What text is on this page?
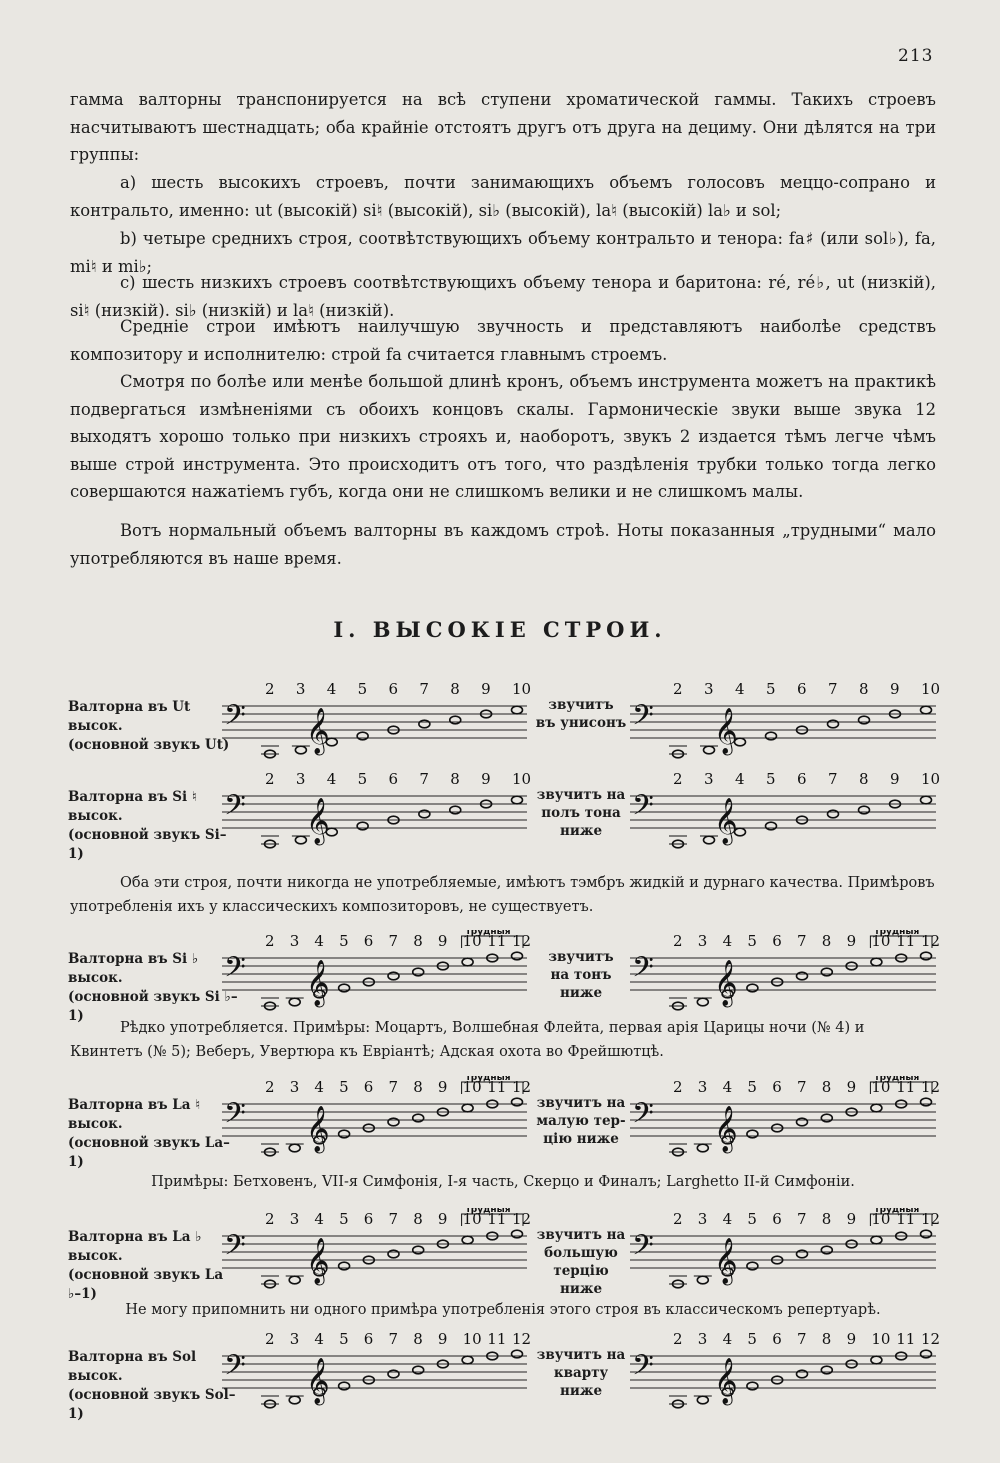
213
гамма валторны транспонируется на всѣ ступени хроматической гаммы. Такихъ строевъ насчитываютъ шестнадцать; оба крайніе отстоятъ другъ отъ друга на дециму. Они дѣлятся на три группы:
a) шесть высокихъ строевъ, почти занимающихъ объемъ голосовъ меццо-сопрано и контральто, именно: ut (высокій) si♮ (высокій), si♭ (высокій), la♮ (высокій) la♭ и sol;
b) четыре среднихъ строя, соотвѣтствующихъ объему контральто и тенора: fa♯ (или sol♭), fa, mi♮ и mi♭;
c) шесть низкихъ строевъ соотвѣтствующихъ объему тенора и баритона: ré, ré♭, ut (низкій), si♮ (низкій). si♭ (низкій) и la♮ (низкій).
Средніе строи имѣютъ наилучшую звучность и представляютъ наиболѣе средствъ композитору и исполнителю: строй fa считается главнымъ строемъ.
Смотря по болѣе или менѣе большой длинѣ кронъ, объемъ инструмента можетъ на практикѣ подвергаться измѣненіями съ обоихъ концовъ скалы. Гармоническіе звуки выше звука 12 выходятъ хорошо только при низкихъ строяхъ и, наоборотъ, звукъ 2 издается тѣмъ легче чѣмъ выше строй инструмента. Это происходитъ отъ того, что раздѣленія трубки только тогда легко совершаются нажатіемъ губъ, когда они не слишкомъ велики и не слишкомъ малы.
Вотъ нормальный объемъ валторны въ каждомъ строѣ. Ноты показанныя „трудными“ мало употребляются въ наше время.
I. ВЫСОКІЕ СТРОИ.
Валторна въ Ut
высок.
(основной звукъ Ut)
звучитъ
въ унисонъ
𝄢 𝄞
2 3 4 5 6 7 8 9 10
𝄢 𝄞
2 3 4 5 6 7 8 9 10
Валторна въ Si ♮
высок.
(основной звукъ Si–1)
звучитъ на
полъ тона
ниже
𝄢 𝄞
2 3 4 5 6 7 8 9 10
𝄢 𝄞
2 3 4 5 6 7 8 9 10
Валторна въ Si ♭
высок.
(основной звукъ Si ♭–1)
звучитъ
на тонъ
ниже
𝄢 𝄞
2 3 4 5 6 7 8 9 10 11 12
трудныя
𝄢 𝄞
2 3 4 5 6 7 8 9 10 11 12
трудныя
Валторна въ La ♮
высок.
(основной звукъ La–1)
звучитъ на
малую тер-
цію ниже
𝄢 𝄞
2 3 4 5 6 7 8 9 10 11 12
трудныя
𝄢 𝄞
2 3 4 5 6 7 8 9 10 11 12
трудныя
Валторна въ La ♭
высок.
(основной звукъ La ♭–1)
звучитъ на
большую
терцію ниже
𝄢 𝄞
2 3 4 5 6 7 8 9 10 11 12
трудныя
𝄢 𝄞
2 3 4 5 6 7 8 9 10 11 12
трудныя
Валторна въ Sol
высок.
(основной звукъ Sol–1)
звучитъ на
кварту
ниже
𝄢 𝄞
2 3 4 5 6 7 8 9 10 11 12
𝄢 𝄞
2 3 4 5 6 7 8 9 10 11 12
Оба эти строя, почти никогда не употребляемые, имѣютъ тэмбръ жидкій и дурнаго качества. Примѣровъ употребленія ихъ у классическихъ композиторовъ, не существуетъ.
Рѣдко употребляется. Примѣры: Моцартъ, Волшебная Флейта, первая арія Царицы ночи (№ 4) и Квинтетъ (№ 5); Веберъ, Увертюра къ Евріантѣ; Адская охота во Фрейшютцѣ.
Примѣры: Бетховенъ, VII-я Симфонія, I-я часть, Скерцо и Финалъ; Larghetto II-й Симфоніи.
Не могу припомнить ни одного примѣра употребленія этого строя въ классическомъ репертуарѣ.
